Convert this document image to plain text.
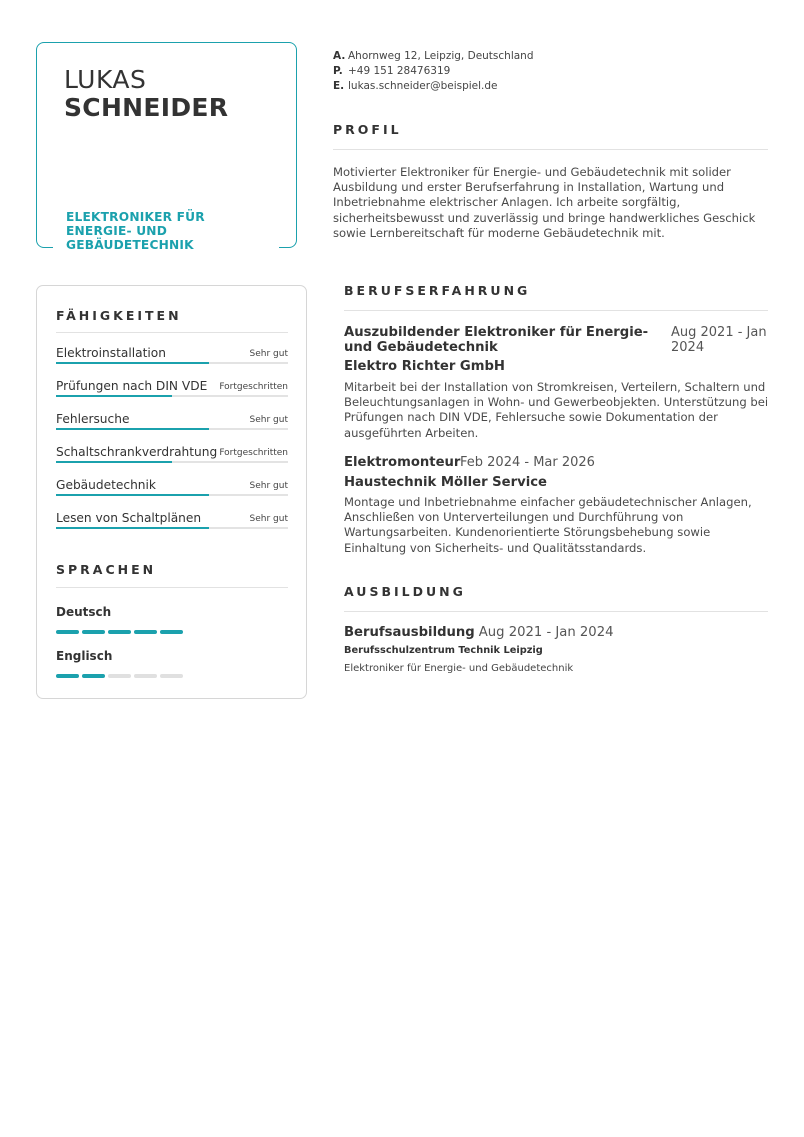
LUKAS
SCHNEIDER
ELEKTRONIKER FÜR ENERGIE- UND GEBÄUDETECHNIK
A. Ahornweg 12, Leipzig, Deutschland
P. +49 151 28476319
E. lukas.schneider@beispiel.de
PROFIL
Motivierter Elektroniker für Energie- und Gebäudetechnik mit solider Ausbildung und erster Berufserfahrung in Installation, Wartung und Inbetriebnahme elektrischer Anlagen. Ich arbeite sorgfältig, sicherheitsbewusst und zuverlässig und bringe handwerkliches Geschick sowie Lernbereitschaft für moderne Gebäudetechnik mit.
FÄHIGKEITEN
Elektroinstallation	Sehr gut
Prüfungen nach DIN VDE Fortgeschritten
Fehlersuche	Sehr gut
Schaltschrankverdrahtung Fortgeschritten
Gebäudetechnik	Sehr gut
Lesen von Schaltplänen	Sehr gut
SPRACHEN
Deutsch
Englisch
BERUFSERFAHRUNG
Auszubildender Elektroniker für Energie- und Gebäudetechnik
Aug 2021 - Jan 2024
Elektro Richter GmbH
Mitarbeit bei der Installation von Stromkreisen, Verteilern, Schaltern und Beleuchtungsanlagen in Wohn- und Gewerbeobjekten. Unterstützung bei Prüfungen nach DIN VDE, Fehlersuche sowie Dokumentation der ausgeführten Arbeiten.
Elektromonteur Feb 2024 - Mar 2026
Haustechnik Möller Service
Montage und Inbetriebnahme einfacher gebäudetechnischer Anlagen, Anschließen von Unterverteilungen und Durchführung von Wartungsarbeiten. Kundenorientierte Störungsbehebung sowie Einhaltung von Sicherheits- und Qualitätsstandards.
AUSBILDUNG
Berufsausbildung Aug 2021 - Jan 2024
Berufsschulzentrum Technik Leipzig
Elektroniker für Energie- und Gebäudetechnik
